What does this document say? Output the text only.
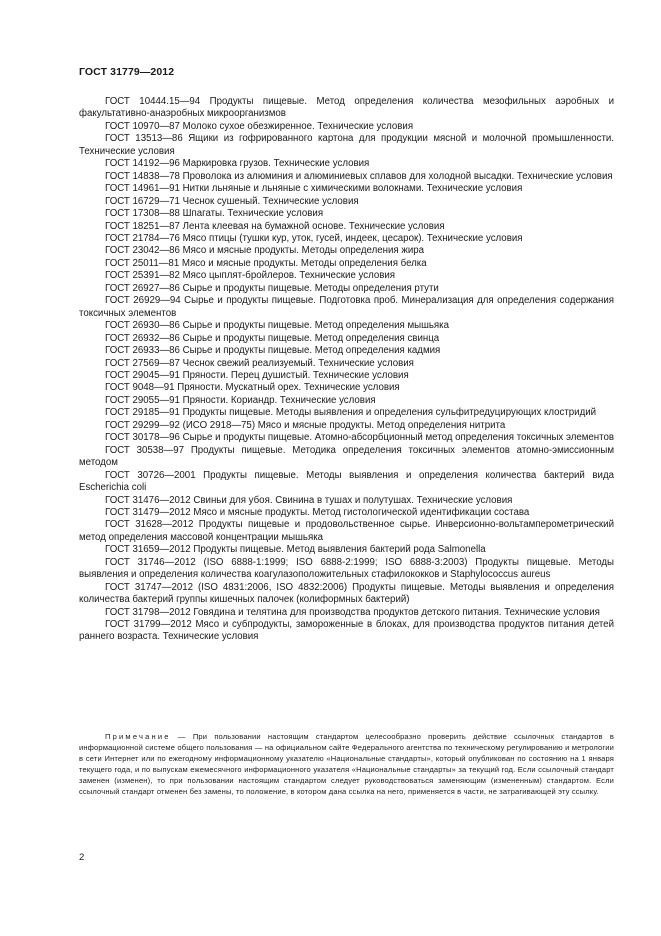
ГОСТ 31779—2012

ГОСТ 10444.15—94 Продукты пищевые. Метод определения количества мезофильных аэробных и факультативно-анаэробных микроорганизмов

ГОСТ 10970—87 Молоко сухое обезжиренное. Технические условия

ГОСТ 13513—86 Ящики из гофрированного картона для продукции мясной и молочной промышленности. Технические условия

ГОСТ 14192—96 Маркировка грузов. Технические условия

ГОСТ 14838—78 Проволока из алюминия и алюминиевых сплавов для холодной высадки. Технические условия

ГОСТ 14961—91 Нитки льняные и льняные с химическими волокнами. Технические условия

ГОСТ 16729—71 Чеснок сушеный. Технические условия

ГОСТ 17308—88 Шпагаты. Технические условия

ГОСТ 18251—87 Лента клеевая на бумажной основе. Технические условия

ГОСТ 21784—76 Мясо птицы (тушки кур, уток, гусей, индеек, цесарок). Технические условия

ГОСТ 23042—86 Мясо и мясные продукты. Методы определения жира

ГОСТ 25011—81 Мясо и мясные продукты. Методы определения белка

ГОСТ 25391—82 Мясо цыплят-бройлеров. Технические условия

ГОСТ 26927—86 Сырье и продукты пищевые. Методы определения ртути

ГОСТ 26929—94 Сырье и продукты пищевые. Подготовка проб. Минерализация для определения содержания токсичных элементов

ГОСТ 26930—86 Сырье и продукты пищевые. Метод определения мышьяка

ГОСТ 26932—86 Сырье и продукты пищевые. Метод определения свинца

ГОСТ 26933—86 Сырье и продукты пищевые. Метод определения кадмия

ГОСТ 27569—87 Чеснок свежий реализуемый. Технические условия

ГОСТ 29045—91 Пряности. Перец душистый. Технические условия

ГОСТ 9048—91 Пряности. Мускатный орех. Технические условия

ГОСТ 29055—91 Пряности. Кориандр. Технические условия

ГОСТ 29185—91 Продукты пищевые. Методы выявления и определения сульфитредуцирующих клостридий

ГОСТ 29299—92 (ИСО 2918—75) Мясо и мясные продукты. Метод определения нитрита

ГОСТ 30178—96 Сырье и продукты пищевые. Атомно-абсорбционный метод определения токсичных элементов

ГОСТ 30538—97 Продукты пищевые. Методика определения токсичных элементов атомно-эмиссионным методом

ГОСТ 30726—2001 Продукты пищевые. Методы выявления и определения количества бактерий вида Escherichia coli

ГОСТ 31476—2012 Свиньи для убоя. Свинина в тушах и полутушах. Технические условия

ГОСТ 31479—2012 Мясо и мясные продукты. Метод гистологической идентификации состава

ГОСТ 31628—2012 Продукты пищевые и продовольственное сырье. Инверсионно-вольтамперометрический метод определения массовой концентрации мышьяка

ГОСТ 31659—2012 Продукты пищевые. Метод выявления бактерий рода Salmonella

ГОСТ 31746—2012 (ISO 6888-1:1999; ISO 6888-2:1999; ISO 6888-3:2003) Продукты пищевые. Методы выявления и определения количества коагулазоположительных стафилококков и Staphylococcus aureus

ГОСТ 31747—2012 (ISO 4831:2006, ISO 4832:2006) Продукты пищевые. Методы выявления и определения количества бактерий группы кишечных палочек (колиформных бактерий)

ГОСТ 31798—2012 Говядина и телятина для производства продуктов детского питания. Технические условия

ГОСТ 31799—2012 Мясо и субпродукты, замороженные в блоках, для производства продуктов питания детей раннего возраста. Технические условия

Примечание — При пользовании настоящим стандартом целесообразно проверить действие ссылочных стандартов в информационной системе общего пользования — на официальном сайте Федерального агентства по техническому регулированию и метрологии в сети Интернет или по ежегодному информационному указателю «Национальные стандарты», который опубликован по состоянию на 1 января текущего года, и по выпускам ежемесячного информационного указателя «Национальные стандарты» за текущий год. Если ссылочный стандарт заменен (изменен), то при пользовании настоящим стандартом следует руководствоваться заменяющим (измененным) стандартом. Если ссылочный стандарт отменен без замены, то положение, в котором дана ссылка на него, применяется в части, не затрагивающей эту ссылку.

2
